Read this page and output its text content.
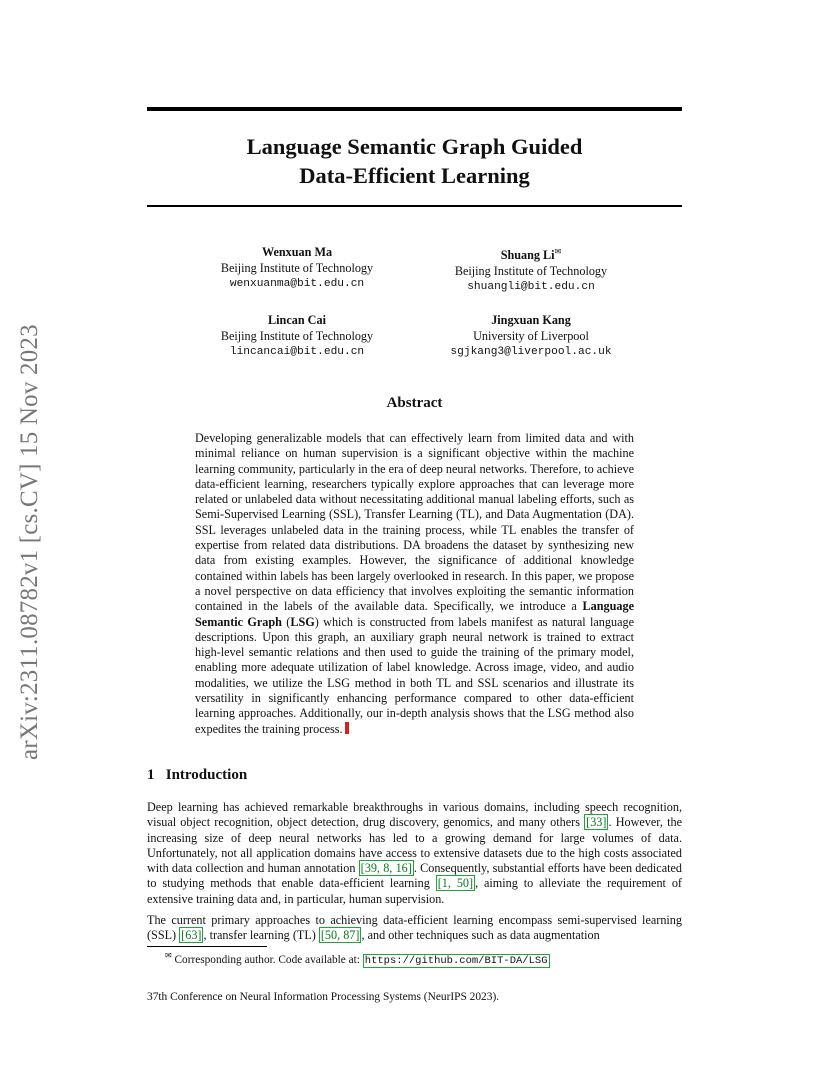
arXiv:2311.08782v1 [cs.CV] 15 Nov 2023
Language Semantic Graph Guided
Data-Efficient Learning
Wenxuan Ma
Beijing Institute of Technology
wenxuanma@bit.edu.cn
Shuang Li✉
Beijing Institute of Technology
shuangli@bit.edu.cn
Lincan Cai
Beijing Institute of Technology
lincancai@bit.edu.cn
Jingxuan Kang
University of Liverpool
sgjkang3@liverpool.ac.uk
Abstract
Developing generalizable models that can effectively learn from limited data and with minimal reliance on human supervision is a significant objective within the machine learning community, particularly in the era of deep neural networks. Therefore, to achieve data-efficient learning, researchers typically explore approaches that can leverage more related or unlabeled data without necessitating additional manual labeling efforts, such as Semi-Supervised Learning (SSL), Transfer Learning (TL), and Data Augmentation (DA). SSL leverages unlabeled data in the training process, while TL enables the transfer of expertise from related data distributions. DA broadens the dataset by synthesizing new data from existing examples. However, the significance of additional knowledge contained within labels has been largely overlooked in research. In this paper, we propose a novel perspective on data efficiency that involves exploiting the semantic information contained in the labels of the available data. Specifically, we introduce a Language Semantic Graph (LSG) which is constructed from labels manifest as natural language descriptions. Upon this graph, an auxiliary graph neural network is trained to extract high-level semantic relations and then used to guide the training of the primary model, enabling more adequate utilization of label knowledge. Across image, video, and audio modalities, we utilize the LSG method in both TL and SSL scenarios and illustrate its versatility in significantly enhancing performance compared to other data-efficient learning approaches. Additionally, our in-depth analysis shows that the LSG method also expedites the training process.
1   Introduction

Deep learning has achieved remarkable breakthroughs in various domains, including speech recognition, visual object recognition, object detection, drug discovery, genomics, and many others [33] . However, the increasing size of deep neural networks has led to a growing demand for large volumes of data. Unfortunately, not all application domains have access to extensive datasets due to the high costs associated with data collection and human annotation [39, 8, 16] . Consequently, substantial efforts have been dedicated to studying methods that enable data-efficient learning [1, 50] , aiming to alleviate the requirement of extensive training data and, in particular, human supervision.

The current primary approaches to achieving data-efficient learning encompass semi-supervised learning (SSL) [63] , transfer learning (TL) [50, 87] , and other techniques such as data augmentation

✉ Corresponding author. Code available at: https://github.com/BIT-DA/LSG
37th Conference on Neural Information Processing Systems (NeurIPS 2023).
